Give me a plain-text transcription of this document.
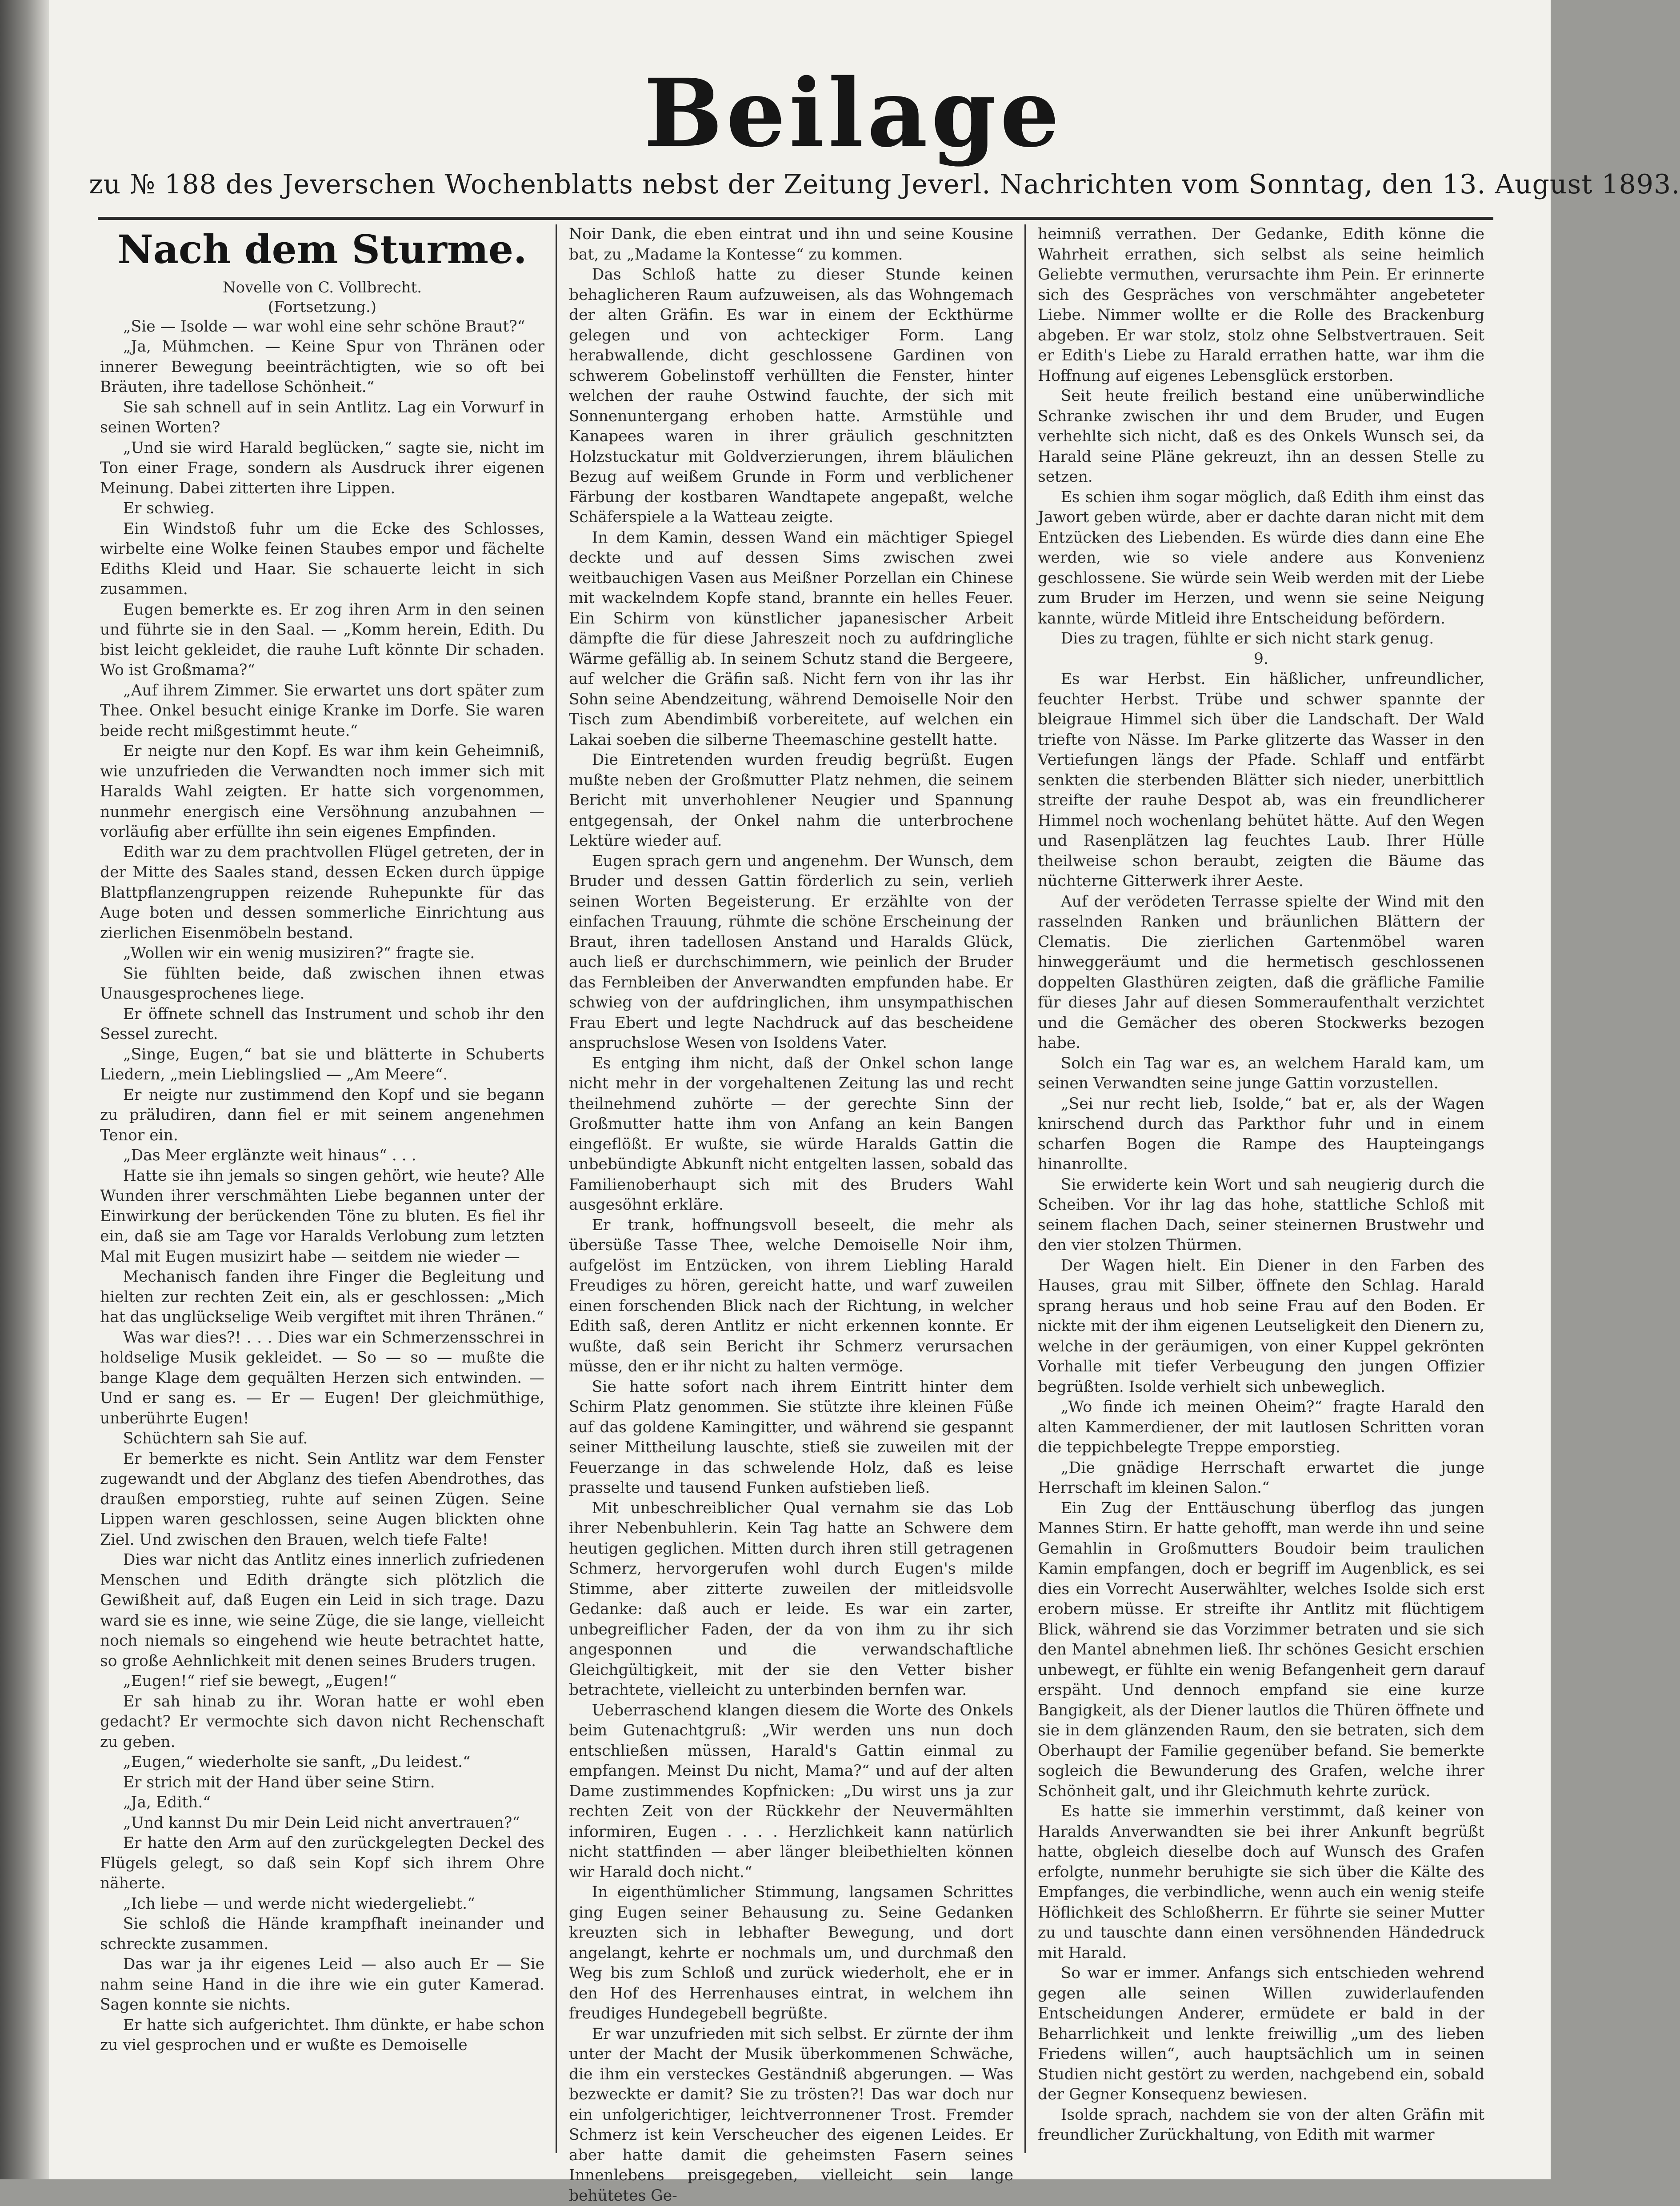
Beilage
zu № 188 des Jeverschen Wochenblatts nebst der Zeitung Jeverl. Nachrichten vom Sonntag, den 13. August 1893.
Nach dem Sturme.
Novelle von C. Vollbrecht.
(Fortsetzung.)

„Sie — Isolde — war wohl eine sehr schöne Braut?“

„Ja, Mühmchen. — Keine Spur von Thränen oder innerer Bewegung beeinträchtigten, wie so oft bei Bräuten, ihre tadellose Schönheit.“

Sie sah schnell auf in sein Antlitz. Lag ein Vorwurf in seinen Worten?

„Und sie wird Harald beglücken,“ sagte sie, nicht im Ton einer Frage, sondern als Ausdruck ihrer eigenen Meinung. Dabei zitterten ihre Lippen.

Er schwieg.

Ein Windstoß fuhr um die Ecke des Schlosses, wirbelte eine Wolke feinen Staubes empor und fächelte Ediths Kleid und Haar. Sie schauerte leicht in sich zusammen.

Eugen bemerkte es. Er zog ihren Arm in den seinen und führte sie in den Saal. — „Komm herein, Edith. Du bist leicht gekleidet, die rauhe Luft könnte Dir schaden. Wo ist Großmama?“

„Auf ihrem Zimmer. Sie erwartet uns dort später zum Thee. Onkel besucht einige Kranke im Dorfe. Sie waren beide recht mißgestimmt heute.“

Er neigte nur den Kopf. Es war ihm kein Geheimniß, wie unzufrieden die Verwandten noch immer sich mit Haralds Wahl zeigten. Er hatte sich vorgenommen, nunmehr energisch eine Versöhnung anzubahnen — vorläufig aber erfüllte ihn sein eigenes Empfinden.

Edith war zu dem prachtvollen Flügel getreten, der in der Mitte des Saales stand, dessen Ecken durch üppige Blattpflanzengruppen reizende Ruhepunkte für das Auge boten und dessen sommerliche Einrichtung aus zierlichen Eisenmöbeln bestand.

„Wollen wir ein wenig musiziren?“ fragte sie.

Sie fühlten beide, daß zwischen ihnen etwas Unausgesprochenes liege.

Er öffnete schnell das Instrument und schob ihr den Sessel zurecht.

„Singe, Eugen,“ bat sie und blätterte in Schuberts Liedern, „mein Lieblingslied — „Am Meere“.

Er neigte nur zustimmend den Kopf und sie begann zu präludiren, dann fiel er mit seinem angenehmen Tenor ein.

„Das Meer erglänzte weit hinaus“ . . .

Hatte sie ihn jemals so singen gehört, wie heute? Alle Wunden ihrer verschmähten Liebe begannen unter der Einwirkung der berückenden Töne zu bluten. Es fiel ihr ein, daß sie am Tage vor Haralds Verlobung zum letzten Mal mit Eugen musizirt habe — seitdem nie wieder —

Mechanisch fanden ihre Finger die Begleitung und hielten zur rechten Zeit ein, als er geschlossen: „Mich hat das unglückselige Weib vergiftet mit ihren Thränen.“

Was war dies?! . . . Dies war ein Schmerzensschrei in holdselige Musik gekleidet. — So — so — mußte die bange Klage dem gequälten Herzen sich entwinden. — Und er sang es. — Er — Eugen! Der gleichmüthige, unberührte Eugen!

Schüchtern sah Sie auf.

Er bemerkte es nicht. Sein Antlitz war dem Fenster zugewandt und der Abglanz des tiefen Abendrothes, das draußen emporstieg, ruhte auf seinen Zügen. Seine Lippen waren geschlossen, seine Augen blickten ohne Ziel. Und zwischen den Brauen, welch tiefe Falte!

Dies war nicht das Antlitz eines innerlich zufriedenen Menschen und Edith drängte sich plötzlich die Gewißheit auf, daß Eugen ein Leid in sich trage. Dazu ward sie es inne, wie seine Züge, die sie lange, vielleicht noch niemals so eingehend wie heute betrachtet hatte, so große Aehnlichkeit mit denen seines Bruders trugen.

„Eugen!“ rief sie bewegt, „Eugen!“

Er sah hinab zu ihr. Woran hatte er wohl eben gedacht? Er vermochte sich davon nicht Rechenschaft zu geben.

„Eugen,“ wiederholte sie sanft, „Du leidest.“

Er strich mit der Hand über seine Stirn.

„Ja, Edith.“

„Und kannst Du mir Dein Leid nicht anvertrauen?“

Er hatte den Arm auf den zurückgelegten Deckel des Flügels gelegt, so daß sein Kopf sich ihrem Ohre näherte.

„Ich liebe — und werde nicht wiedergeliebt.“

Sie schloß die Hände krampfhaft ineinander und schreckte zusammen.

Das war ja ihr eigenes Leid — also auch Er — Sie nahm seine Hand in die ihre wie ein guter Kamerad. Sagen konnte sie nichts.

Er hatte sich aufgerichtet. Ihm dünkte, er habe schon zu viel gesprochen und er wußte es Demoiselle

Noir Dank, die eben eintrat und ihn und seine Kousine bat, zu „Madame la Kontesse“ zu kommen.

Das Schloß hatte zu dieser Stunde keinen behaglicheren Raum aufzuweisen, als das Wohngemach der alten Gräfin. Es war in einem der Eckthürme gelegen und von achteckiger Form. Lang herabwallende, dicht geschlossene Gardinen von schwerem Gobelinstoff verhüllten die Fenster, hinter welchen der rauhe Ostwind fauchte, der sich mit Sonnenuntergang erhoben hatte. Armstühle und Kanapees waren in ihrer gräulich geschnitzten Holzstuckatur mit Goldverzierungen, ihrem bläulichen Bezug auf weißem Grunde in Form und verblichener Färbung der kostbaren Wandtapete angepaßt, welche Schäferspiele a la Watteau zeigte.

In dem Kamin, dessen Wand ein mächtiger Spiegel deckte und auf dessen Sims zwischen zwei weitbauchigen Vasen aus Meißner Porzellan ein Chinese mit wackelndem Kopfe stand, brannte ein helles Feuer. Ein Schirm von künstlicher japanesischer Arbeit dämpfte die für diese Jahreszeit noch zu aufdringliche Wärme gefällig ab. In seinem Schutz stand die Bergeere, auf welcher die Gräfin saß. Nicht fern von ihr las ihr Sohn seine Abendzeitung, während Demoiselle Noir den Tisch zum Abendimbiß vorbereitete, auf welchen ein Lakai soeben die silberne Theemaschine gestellt hatte.

Die Eintretenden wurden freudig begrüßt. Eugen mußte neben der Großmutter Platz nehmen, die seinem Bericht mit unverhohlener Neugier und Spannung entgegensah, der Onkel nahm die unterbrochene Lektüre wieder auf.

Eugen sprach gern und angenehm. Der Wunsch, dem Bruder und dessen Gattin förderlich zu sein, verlieh seinen Worten Begeisterung. Er erzählte von der einfachen Trauung, rühmte die schöne Erscheinung der Braut, ihren tadellosen Anstand und Haralds Glück, auch ließ er durchschimmern, wie peinlich der Bruder das Fernbleiben der Anverwandten empfunden habe. Er schwieg von der aufdringlichen, ihm unsympathischen Frau Ebert und legte Nachdruck auf das bescheidene anspruchslose Wesen von Isoldens Vater.

Es entging ihm nicht, daß der Onkel schon lange nicht mehr in der vorgehaltenen Zeitung las und recht theilnehmend zuhörte — der gerechte Sinn der Großmutter hatte ihm von Anfang an kein Bangen eingeflößt. Er wußte, sie würde Haralds Gattin die unbebündigte Abkunft nicht entgelten lassen, sobald das Familienoberhaupt sich mit des Bruders Wahl ausgesöhnt erkläre.

Er trank, hoffnungsvoll beseelt, die mehr als übersüße Tasse Thee, welche Demoiselle Noir ihm, aufgelöst im Entzücken, von ihrem Liebling Harald Freudiges zu hören, gereicht hatte, und warf zuweilen einen forschenden Blick nach der Richtung, in welcher Edith saß, deren Antlitz er nicht erkennen konnte. Er wußte, daß sein Bericht ihr Schmerz verursachen müsse, den er ihr nicht zu halten vermöge.

Sie hatte sofort nach ihrem Eintritt hinter dem Schirm Platz genommen. Sie stützte ihre kleinen Füße auf das goldene Kamingitter, und während sie gespannt seiner Mittheilung lauschte, stieß sie zuweilen mit der Feuerzange in das schwelende Holz, daß es leise prasselte und tausend Funken aufstieben ließ.

Mit unbeschreiblicher Qual vernahm sie das Lob ihrer Nebenbuhlerin. Kein Tag hatte an Schwere dem heutigen geglichen. Mitten durch ihren still getragenen Schmerz, hervorgerufen wohl durch Eugen's milde Stimme, aber zitterte zuweilen der mitleidsvolle Gedanke: daß auch er leide. Es war ein zarter, unbegreiflicher Faden, der da von ihm zu ihr sich angesponnen und die verwandschaftliche Gleichgültigkeit, mit der sie den Vetter bisher betrachtete, vielleicht zu unterbinden bernfen war.

Ueberraschend klangen diesem die Worte des Onkels beim Gutenachtgruß: „Wir werden uns nun doch entschließen müssen, Harald's Gattin einmal zu empfangen. Meinst Du nicht, Mama?“ und auf der alten Dame zustimmendes Kopfnicken: „Du wirst uns ja zur rechten Zeit von der Rückkehr der Neuvermählten informiren, Eugen . . . . Herzlichkeit kann natürlich nicht stattfinden — aber länger bleibethielten können wir Harald doch nicht.“

In eigenthümlicher Stimmung, langsamen Schrittes ging Eugen seiner Behausung zu. Seine Gedanken kreuzten sich in lebhafter Bewegung, und dort angelangt, kehrte er nochmals um, und durchmaß den Weg bis zum Schloß und zurück wiederholt, ehe er in den Hof des Herrenhauses eintrat, in welchem ihn freudiges Hundegebell begrüßte.

Er war unzufrieden mit sich selbst. Er zürnte der ihm unter der Macht der Musik überkommenen Schwäche, die ihm ein versteckes Geständniß abgerungen. — Was bezweckte er damit? Sie zu trösten?! Das war doch nur ein unfolgerichtiger, leichtverronnener Trost. Fremder Schmerz ist kein Verscheucher des eigenen Leides. Er aber hatte damit die geheimsten Fasern seines Innenlebens preisgegeben, vielleicht sein lange behütetes Ge-

heimniß verrathen. Der Gedanke, Edith könne die Wahrheit errathen, sich selbst als seine heimlich Geliebte vermuthen, verursachte ihm Pein. Er erinnerte sich des Gespräches von verschmähter angebeteter Liebe. Nimmer wollte er die Rolle des Brackenburg abgeben. Er war stolz, stolz ohne Selbstvertrauen. Seit er Edith's Liebe zu Harald errathen hatte, war ihm die Hoffnung auf eigenes Lebensglück erstorben.

Seit heute freilich bestand eine unüberwindliche Schranke zwischen ihr und dem Bruder, und Eugen verhehlte sich nicht, daß es des Onkels Wunsch sei, da Harald seine Pläne gekreuzt, ihn an dessen Stelle zu setzen.

Es schien ihm sogar möglich, daß Edith ihm einst das Jawort geben würde, aber er dachte daran nicht mit dem Entzücken des Liebenden. Es würde dies dann eine Ehe werden, wie so viele andere aus Konvenienz geschlossene. Sie würde sein Weib werden mit der Liebe zum Bruder im Herzen, und wenn sie seine Neigung kannte, würde Mitleid ihre Entscheidung befördern.

Dies zu tragen, fühlte er sich nicht stark genug.

9.

Es war Herbst. Ein häßlicher, unfreundlicher, feuchter Herbst. Trübe und schwer spannte der bleigraue Himmel sich über die Landschaft. Der Wald triefte von Nässe. Im Parke glitzerte das Wasser in den Vertiefungen längs der Pfade. Schlaff und entfärbt senkten die sterbenden Blätter sich nieder, unerbittlich streifte der rauhe Despot ab, was ein freundlicherer Himmel noch wochenlang behütet hätte. Auf den Wegen und Rasenplätzen lag feuchtes Laub. Ihrer Hülle theilweise schon beraubt, zeigten die Bäume das nüchterne Gitterwerk ihrer Aeste.

Auf der verödeten Terrasse spielte der Wind mit den rasselnden Ranken und bräunlichen Blättern der Clematis. Die zierlichen Gartenmöbel waren hinweggeräumt und die hermetisch geschlossenen doppelten Glasthüren zeigten, daß die gräfliche Familie für dieses Jahr auf diesen Sommeraufenthalt verzichtet und die Gemächer des oberen Stockwerks bezogen habe.

Solch ein Tag war es, an welchem Harald kam, um seinen Verwandten seine junge Gattin vorzustellen.

„Sei nur recht lieb, Isolde,“ bat er, als der Wagen knirschend durch das Parkthor fuhr und in einem scharfen Bogen die Rampe des Haupteingangs hinanrollte.

Sie erwiderte kein Wort und sah neugierig durch die Scheiben. Vor ihr lag das hohe, stattliche Schloß mit seinem flachen Dach, seiner steinernen Brustwehr und den vier stolzen Thürmen.

Der Wagen hielt. Ein Diener in den Farben des Hauses, grau mit Silber, öffnete den Schlag. Harald sprang heraus und hob seine Frau auf den Boden. Er nickte mit der ihm eigenen Leutseligkeit den Dienern zu, welche in der geräumigen, von einer Kuppel gekrönten Vorhalle mit tiefer Verbeugung den jungen Offizier begrüßten. Isolde verhielt sich unbeweglich.

„Wo finde ich meinen Oheim?“ fragte Harald den alten Kammerdiener, der mit lautlosen Schritten voran die teppichbelegte Treppe emporstieg.

„Die gnädige Herrschaft erwartet die junge Herrschaft im kleinen Salon.“

Ein Zug der Enttäuschung überflog das jungen Mannes Stirn. Er hatte gehofft, man werde ihn und seine Gemahlin in Großmutters Boudoir beim traulichen Kamin empfangen, doch er begriff im Augenblick, es sei dies ein Vorrecht Auserwählter, welches Isolde sich erst erobern müsse. Er streifte ihr Antlitz mit flüchtigem Blick, während sie das Vorzimmer betraten und sie sich den Mantel abnehmen ließ. Ihr schönes Gesicht erschien unbewegt, er fühlte ein wenig Befangenheit gern darauf erspäht. Und dennoch empfand sie eine kurze Bangigkeit, als der Diener lautlos die Thüren öffnete und sie in dem glänzenden Raum, den sie betraten, sich dem Oberhaupt der Familie gegenüber befand. Sie bemerkte sogleich die Bewunderung des Grafen, welche ihrer Schönheit galt, und ihr Gleichmuth kehrte zurück.

Es hatte sie immerhin verstimmt, daß keiner von Haralds Anverwandten sie bei ihrer Ankunft begrüßt hatte, obgleich dieselbe doch auf Wunsch des Grafen erfolgte, nunmehr beruhigte sie sich über die Kälte des Empfanges, die verbindliche, wenn auch ein wenig steife Höflichkeit des Schloßherrn. Er führte sie seiner Mutter zu und tauschte dann einen versöhnenden Händedruck mit Harald.

So war er immer. Anfangs sich entschieden wehrend gegen alle seinen Willen zuwiderlaufenden Entscheidungen Anderer, ermüdete er bald in der Beharrlichkeit und lenkte freiwillig „um des lieben Friedens willen“, auch hauptsächlich um in seinen Studien nicht gestört zu werden, nachgebend ein, sobald der Gegner Konsequenz bewiesen.

Isolde sprach, nachdem sie von der alten Gräfin mit freundlicher Zurückhaltung, von Edith mit warmer
